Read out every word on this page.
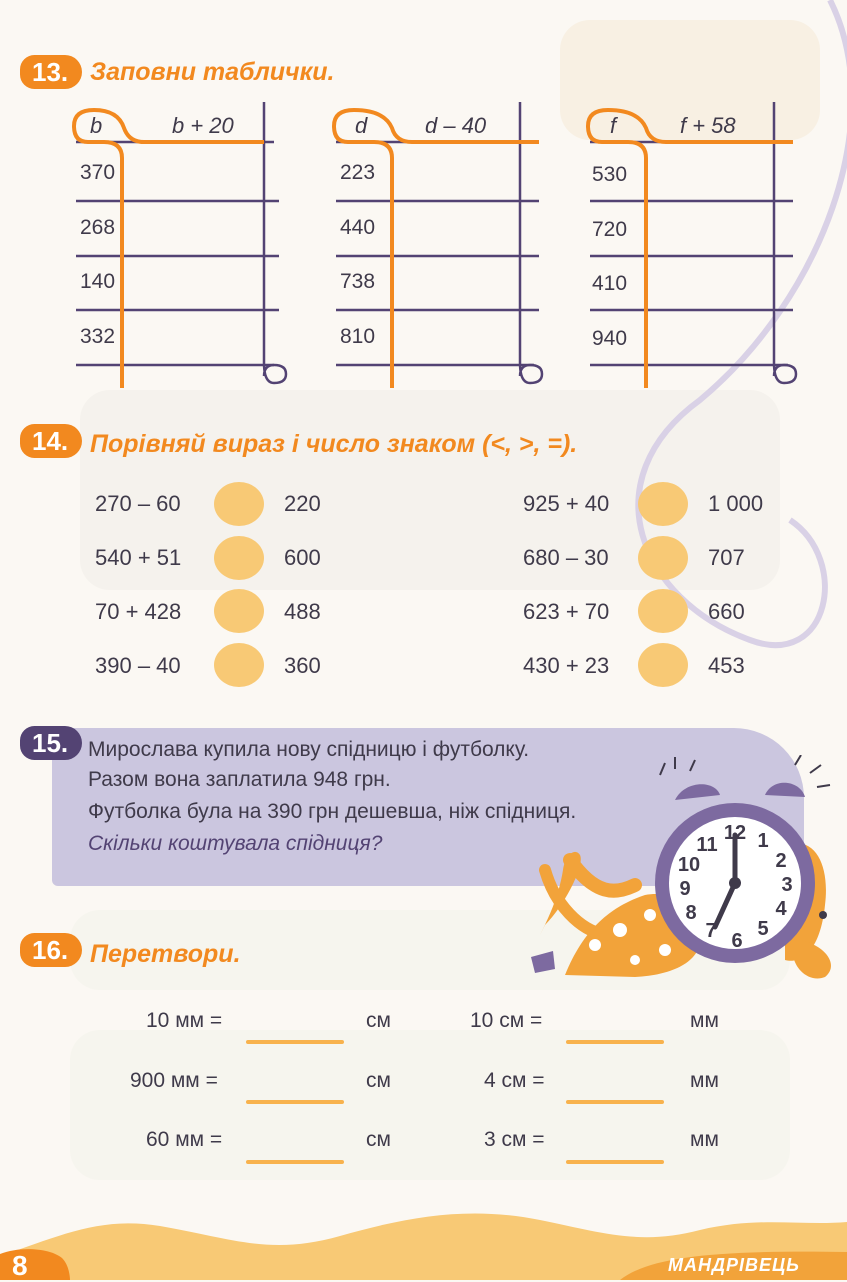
13. Заповни таблички.
b	b + 20
370
268
140
332
d	d – 40
223
440
738
810
f	f + 58
530
720
410
940
14. Порівняй вираз і число знаком (<, >, =).
270 – 60	220
540 + 51	600
70 + 428	488
390 – 40	360
925 + 40	1 000
680 – 30	707
623 + 70	660
430 + 23	453
Мирослава купила нову спідницю і футболку.
Разом вона заплатила 948 грн.
Футболка була на 390 грн дешевша, ніж спідниця.
Скільки коштувала спідниця?
15.
12 1
2
3
4
5
6
7
8
9
10
11
16. Перетвори.
10 мм =	см
900 мм =	см
60 мм =	см
10 см =	мм
4 см =	мм
3 см =	мм
8	МАНДРІВЕЦЬ
